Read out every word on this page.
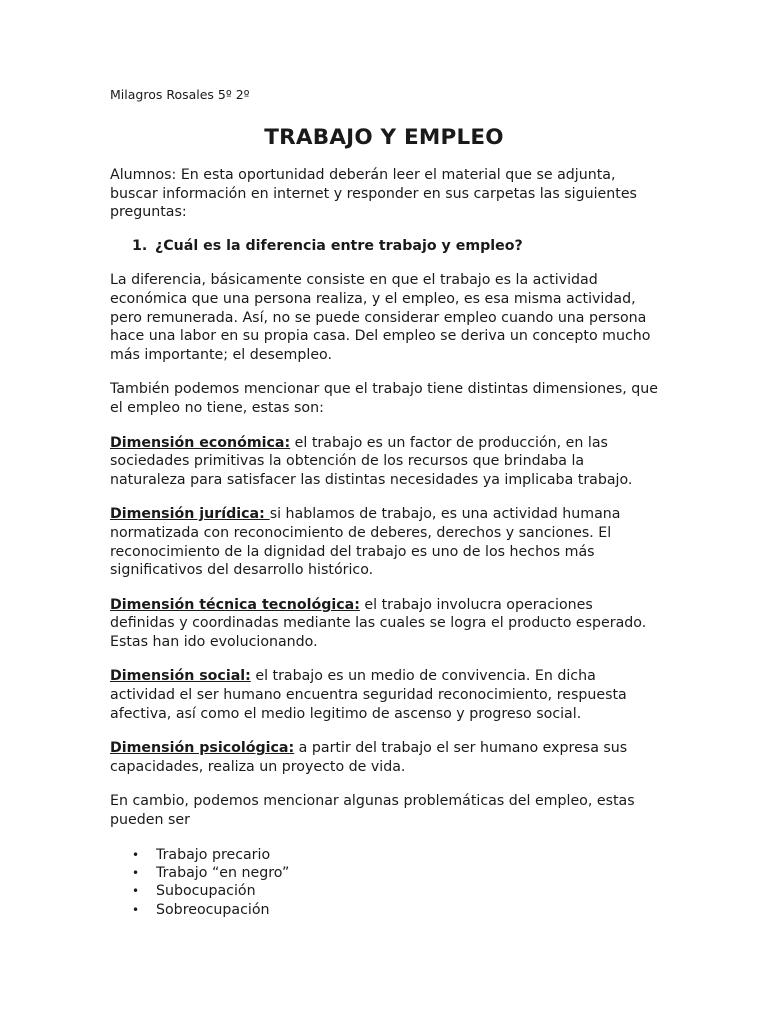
Milagros Rosales 5º 2º

TRABAJO Y EMPLEO

Alumnos: En esta oportunidad deberán leer el material que se adjunta, buscar información en internet y responder en sus carpetas las siguientes preguntas:

1. ¿Cuál es la diferencia entre trabajo y empleo?

La diferencia, básicamente consiste en que el trabajo es la actividad económica que una persona realiza, y el empleo, es esa misma actividad, pero remunerada. Así, no se puede considerar empleo cuando una persona hace una labor en su propia casa. Del empleo se deriva un concepto mucho más importante; el desempleo.

También podemos mencionar que el trabajo tiene distintas dimensiones, que el empleo no tiene, estas son:

Dimensión económica: el trabajo es un factor de producción, en las sociedades primitivas la obtención de los recursos que brindaba la naturaleza para satisfacer las distintas necesidades ya implicaba trabajo.

Dimensión jurídica: si hablamos de trabajo, es una actividad humana normatizada con reconocimiento de deberes, derechos y sanciones. El reconocimiento de la dignidad del trabajo es uno de los hechos más significativos del desarrollo histórico.

Dimensión técnica tecnológica: el trabajo involucra operaciones definidas y coordinadas mediante las cuales se logra el producto esperado. Estas han ido evolucionando.

Dimensión social: el trabajo es un medio de convivencia. En dicha actividad el ser humano encuentra seguridad reconocimiento, respuesta afectiva, así como el medio legitimo de ascenso y progreso social.

Dimensión psicológica: a partir del trabajo el ser humano expresa sus capacidades, realiza un proyecto de vida.

En cambio, podemos mencionar algunas problemáticas del empleo, estas pueden ser

• Trabajo precario
• Trabajo “en negro”
• Subocupación
• Sobreocupación
